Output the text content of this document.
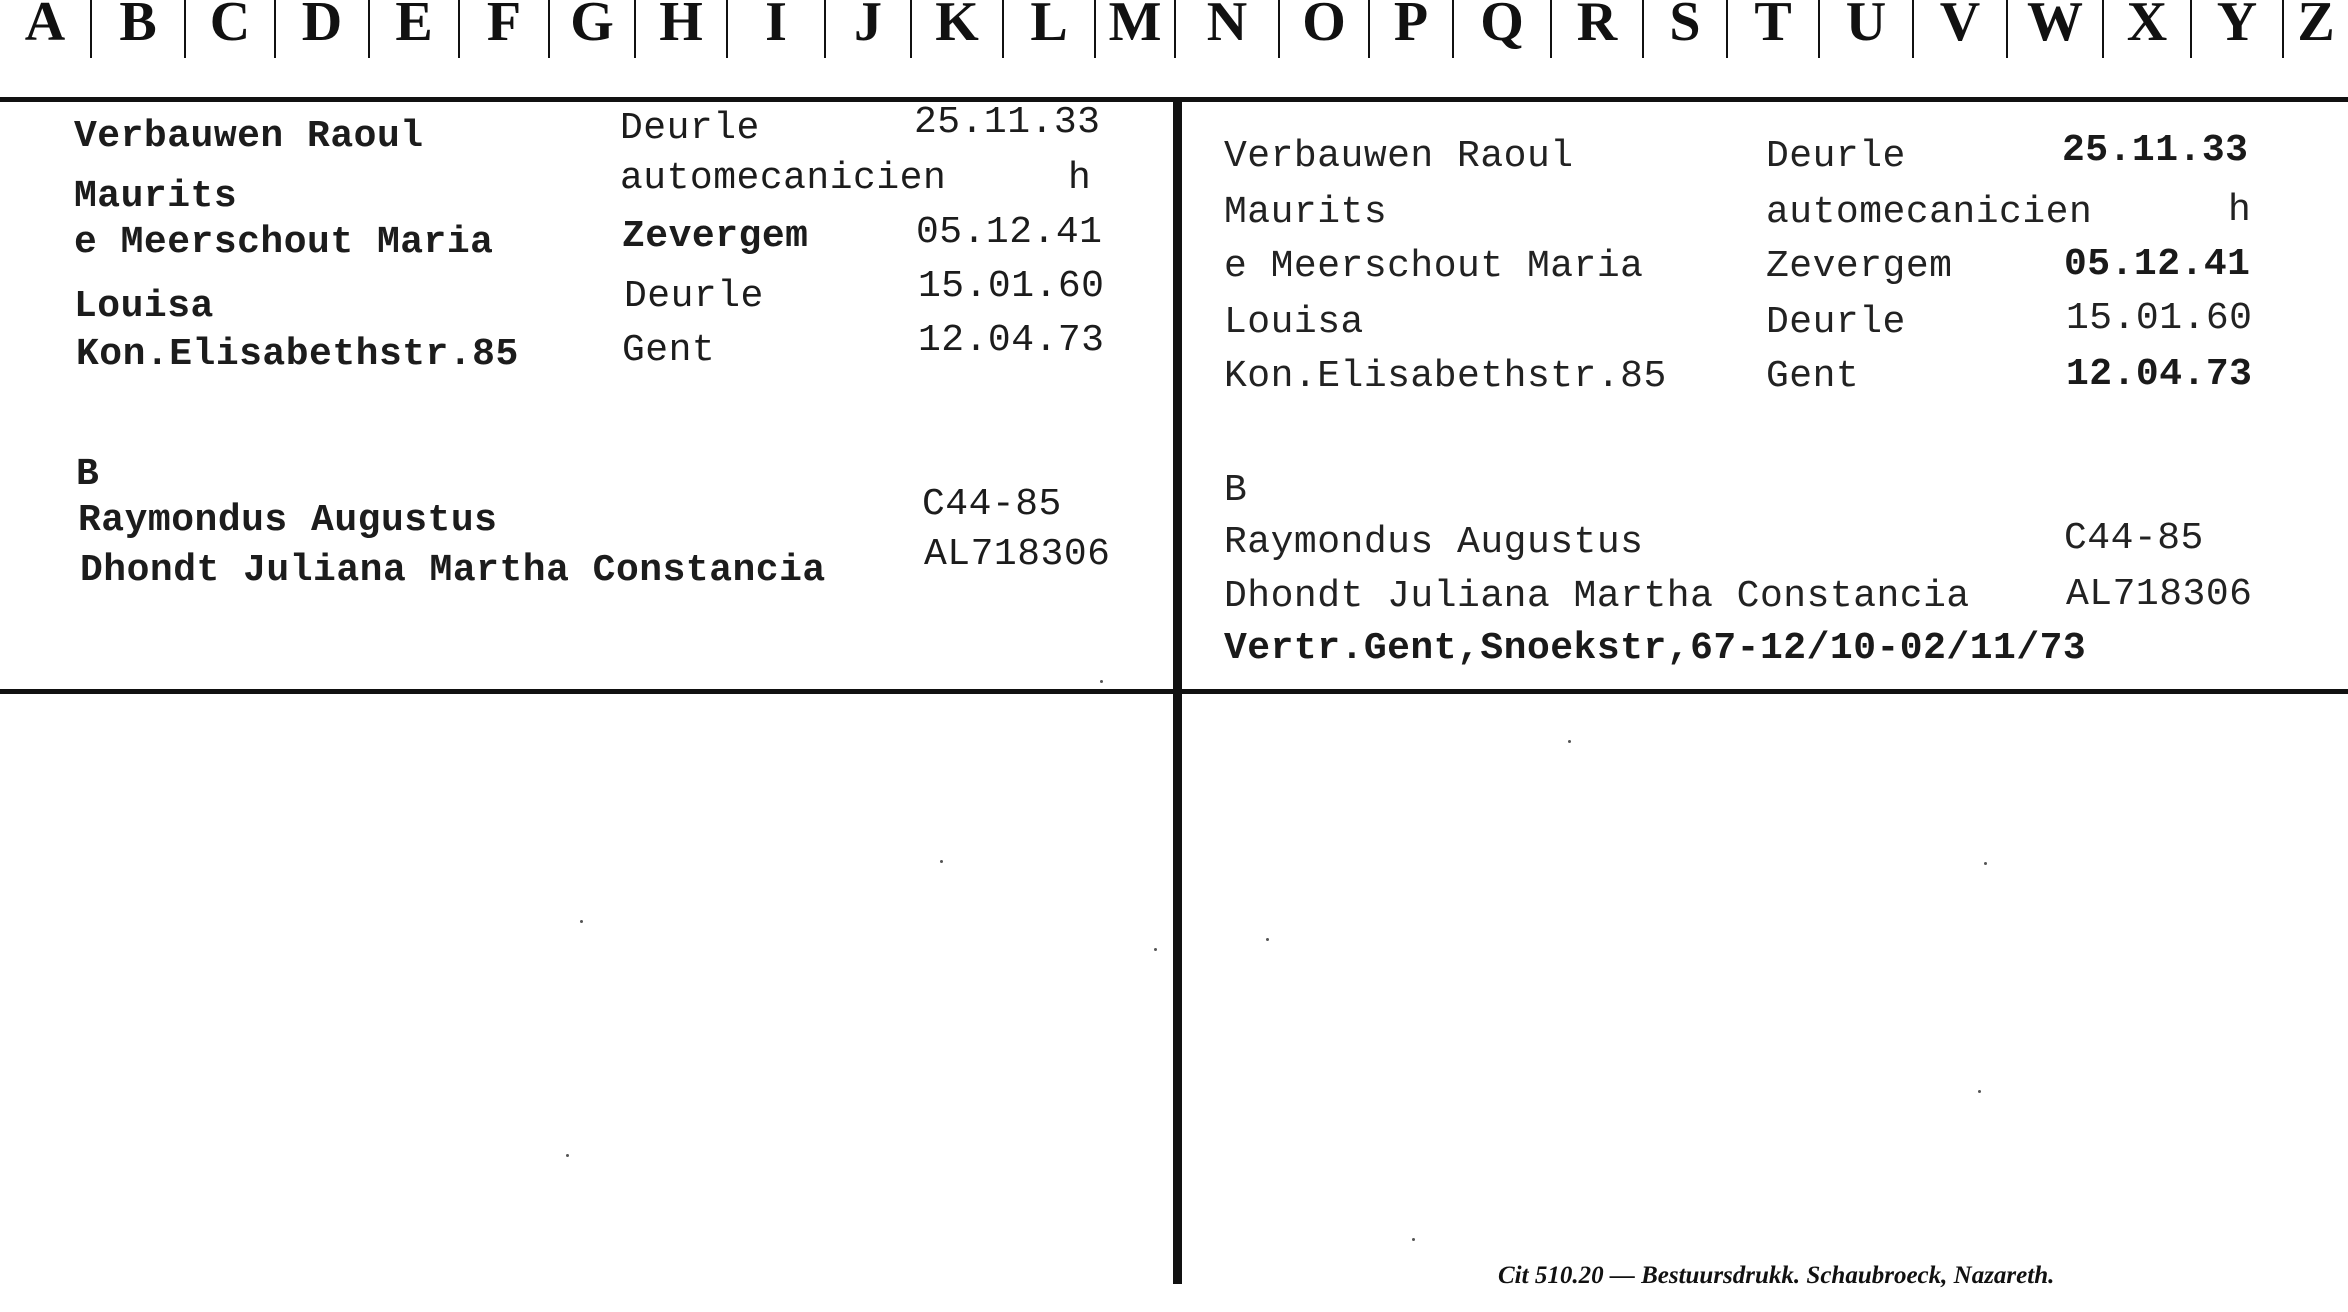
A B C D E F G H	I	J K L M N O P Q R S T U V W X Y Z
Verbauwen Raoul
Maurits
e Meerschout Maria
Louisa
Kon.Elisabethstr.85
Deurle
automecanicien
Zevergem
Deurle
Gent
25.11.33
h
05.12.41
15.01.60
12.04.73
B
Raymondus Augustus
Dhondt Juliana Martha Constancia
C44-85
AL718306
Verbauwen Raoul
Maurits
e Meerschout Maria
Louisa
Kon.Elisabethstr.85
Deurle
automecanicien
Zevergem
Deurle
Gent
25.11.33
h
05.12.41
15.01.60
12.04.73
B
Raymondus Augustus
Dhondt Juliana Martha Constancia
C44-85
AL718306
Vertr.Gent,Snoekstr,67-12/10-02/11/73
Cit 510.20 — Bestuursdrukk. Schaubroeck, Nazareth.
